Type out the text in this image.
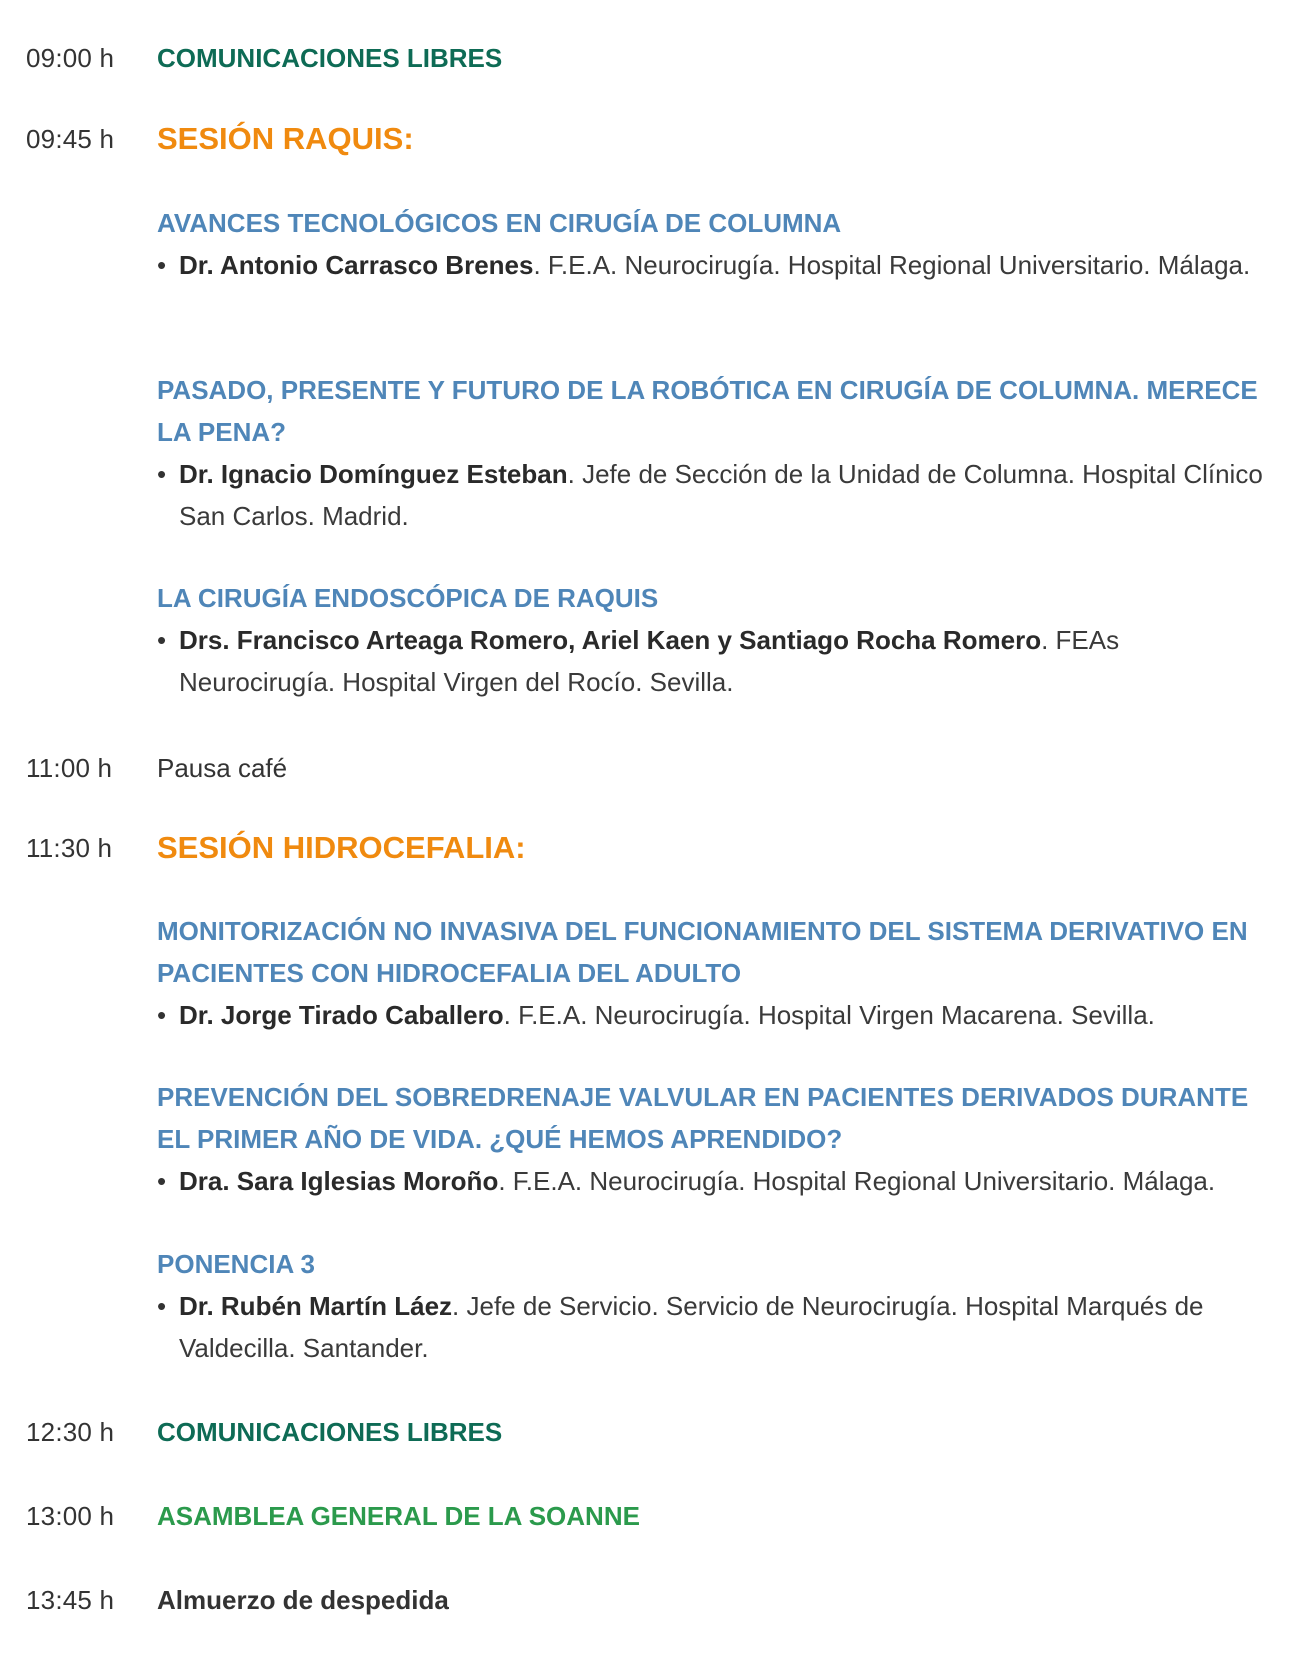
09:00 h COMUNICACIONES LIBRES
09:45 h SESIÓN RAQUIS:
AVANCES TECNOLÓGICOS EN CIRUGÍA DE COLUMNA
• Dr. Antonio Carrasco Brenes. F.E.A. Neurocirugía. Hospital Regional Universitario. Málaga.
PASADO, PRESENTE Y FUTURO DE LA ROBÓTICA EN CIRUGÍA DE COLUMNA. MERECE LA PENA?
• Dr. Ignacio Domínguez Esteban. Jefe de Sección de la Unidad de Columna. Hospital Clínico San Carlos. Madrid.
LA CIRUGÍA ENDOSCÓPICA DE RAQUIS
• Drs. Francisco Arteaga Romero, Ariel Kaen y Santiago Rocha Romero. FEAs Neurocirugía. Hospital Virgen del Rocío. Sevilla.
11:00 h Pausa café
11:30 h SESIÓN HIDROCEFALIA:
MONITORIZACIÓN NO INVASIVA DEL FUNCIONAMIENTO DEL SISTEMA DERIVATIVO EN PACIENTES CON HIDROCEFALIA DEL ADULTO
• Dr. Jorge Tirado Caballero. F.E.A. Neurocirugía. Hospital Virgen Macarena. Sevilla.
PREVENCIÓN DEL SOBREDRENAJE VALVULAR EN PACIENTES DERIVADOS DURANTE EL PRIMER AÑO DE VIDA. ¿QUÉ HEMOS APRENDIDO?
• Dra. Sara Iglesias Moroño. F.E.A. Neurocirugía. Hospital Regional Universitario. Málaga.
PONENCIA 3
• Dr. Rubén Martín Láez. Jefe de Servicio. Servicio de Neurocirugía. Hospital Marqués de Valdecilla. Santander.
12:30 h COMUNICACIONES LIBRES
13:00 h ASAMBLEA GENERAL DE LA SOANNE
13:45 h Almuerzo de despedida
